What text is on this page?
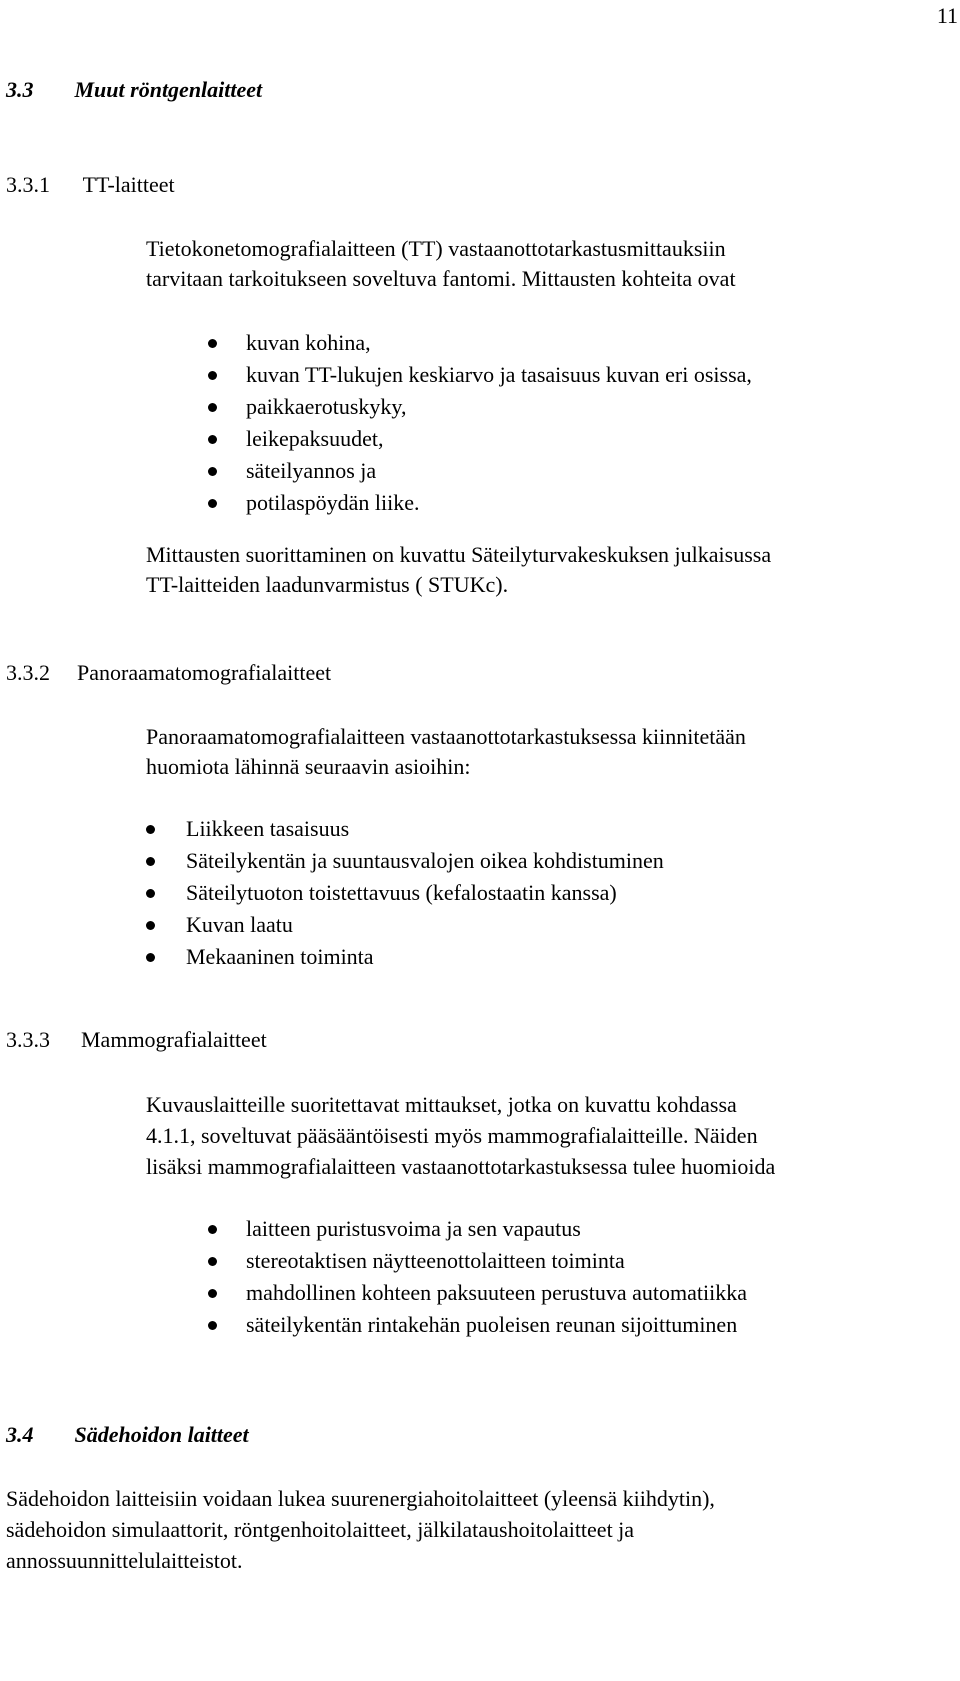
11
3.3 Muut röntgenlaitteet
3.3.1 TT-laitteet
Tietokonetomografialaitteen (TT) vastaanottotarkastusmittauksiin
tarvitaan tarkoitukseen soveltuva fantomi. Mittausten kohteita ovat
kuvan kohina,
kuvan TT-lukujen keskiarvo ja tasaisuus kuvan eri osissa,
paikkaerotuskyky,
leikepaksuudet,
säteilyannos ja
potilaspöydän liike.
Mittausten suorittaminen on kuvattu Säteilyturvakeskuksen julkaisussa
TT-laitteiden laadunvarmistus ( STUKc).
3.3.2 Panoraamatomografialaitteet
Panoraamatomografialaitteen vastaanottotarkastuksessa kiinnitetään
huomiota lähinnä seuraavin asioihin:
Liikkeen tasaisuus
Säteilykentän ja suuntausvalojen oikea kohdistuminen
Säteilytuoton toistettavuus (kefalostaatin kanssa)
Kuvan laatu
Mekaaninen toiminta
3.3.3 Mammografialaitteet
Kuvauslaitteille suoritettavat mittaukset, jotka on kuvattu kohdassa
4.1.1, soveltuvat pääsääntöisesti myös mammografialaitteille. Näiden
lisäksi mammografialaitteen vastaanottotarkastuksessa tulee huomioida
laitteen puristusvoima ja sen vapautus
stereotaktisen näytteenottolaitteen toiminta
mahdollinen kohteen paksuuteen perustuva automatiikka
säteilykentän rintakehän puoleisen reunan sijoittuminen
3.4 Sädehoidon laitteet
Sädehoidon laitteisiin voidaan lukea suurenergiahoitolaitteet (yleensä kiihdytin),
sädehoidon simulaattorit, röntgenhoitolaitteet, jälkilataushoitolaitteet ja
annossuunnittelulaitteistot.
